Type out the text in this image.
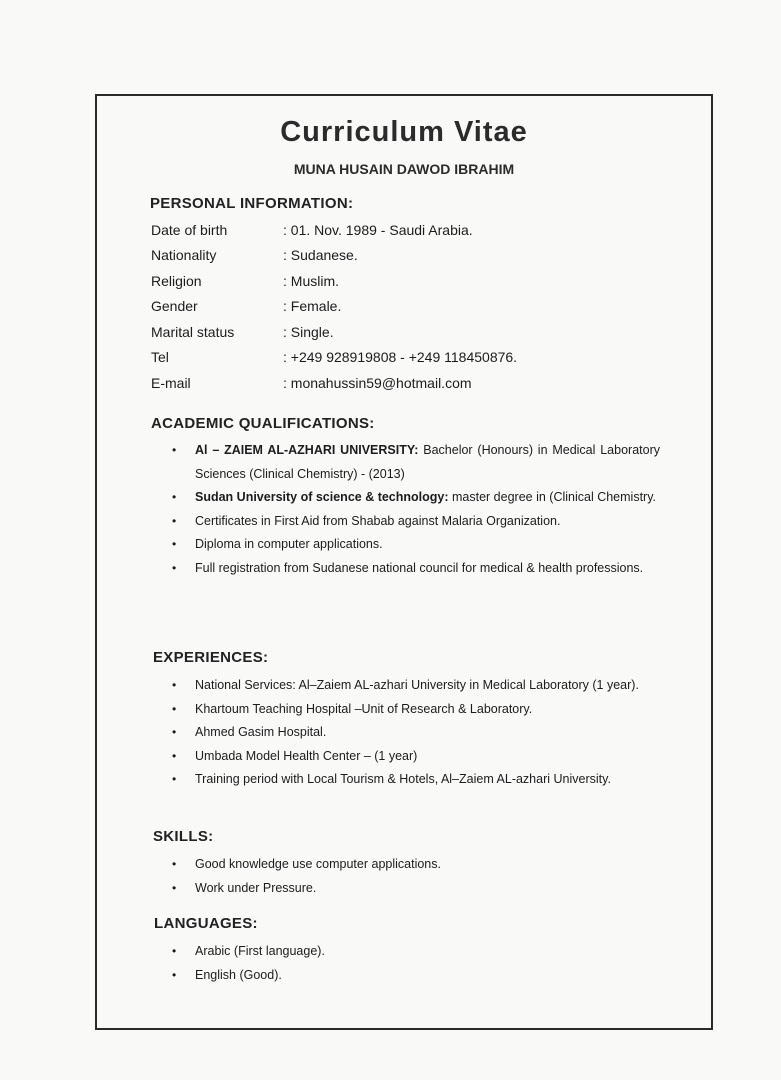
Curriculum Vitae
MUNA HUSAIN DAWOD IBRAHIM
PERSONAL INFORMATION:
Date of birth	: 01. Nov. 1989 - Saudi Arabia.
Nationality	: Sudanese.
Religion	: Muslim.
Gender	: Female.
Marital status	: Single.
Tel	: +249 928919808 - +249 118450876.
E-mail	: monahussin59@hotmail.com
ACADEMIC QUALIFICATIONS:

• Al – ZAIEM AL-AZHARI UNIVERSITY: Bachelor (Honours) in Medical Laboratory Sciences (Clinical Chemistry) - (2013)

• Sudan University of science & technology: master degree in (Clinical Chemistry.

• Certificates in First Aid from Shabab against Malaria Organization.

• Diploma in computer applications.

• Full registration from Sudanese national council for medical & health professions.

EXPERIENCES:

• National Services: Al–Zaiem AL-azhari University in Medical Laboratory (1 year).

• Khartoum Teaching Hospital –Unit of Research & Laboratory.

• Ahmed Gasim Hospital.

• Umbada Model Health Center – (1 year)

• Training period with Local Tourism & Hotels, Al–Zaiem AL-azhari University.

SKILLS:

• Good knowledge use computer applications.

• Work under Pressure.

LANGUAGES:

• Arabic (First language).

• English (Good).
